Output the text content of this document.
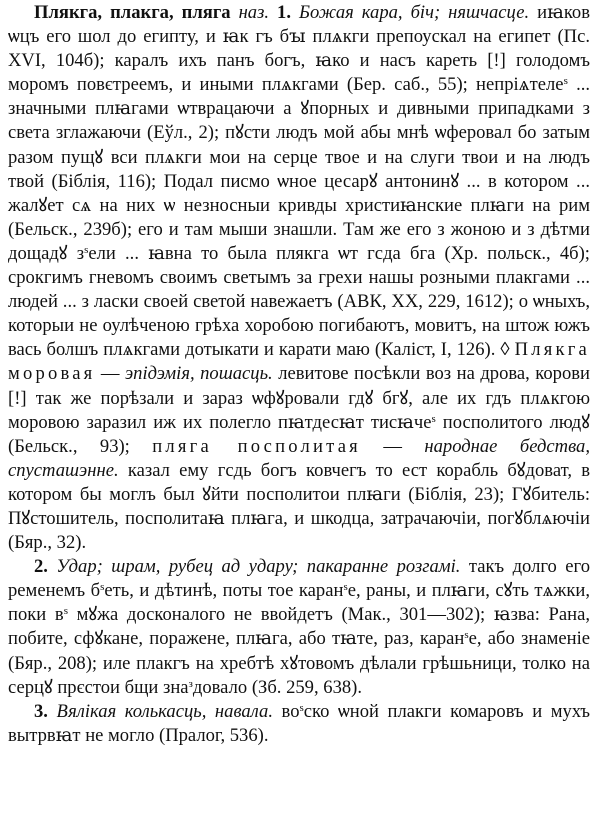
Плякга, плакга, пляга наз. 1. Божая кара, біч; няшчасце. иꙗков ѡцъ его шол до египту, и ꙗк гъ бꙑ плѧкги препоускал на египет (Пс. XVI, 104б); каралъ ихъ панъ богъ, ꙗко и насъ кареть [!] голодомъ моромъ повєтреемъ, и иными плѧкгами (Бер. саб., 55); непріѧтеле$^s$ ... значными плꙗгами ѡтврацаючи а ꙋпорных и дивными припадками з света зглажаючи (Еўл., 2); пꙋсти людъ мой абы мнѣ ѡферовал бо затым разом пущꙋ вси плѧкги мои на серце твое и на слуги твои и на людъ твой (Біблія, 116); Подал писмо ѡное цесарꙋ антонинꙋ ... в котором ... жалꙋет сѧ на них ѡ незносныи кривды христиꙗнские плꙗги на рим (Бельск., 239б); его и там мыши знашли. Там же его з жоною и з дѣтми дощадꙋ $з^sели$ ... ꙗвна то была плякга ѡт гсда бга (Хр. польск., 4б); срокгимъ гневомъ своимъ светымъ за грехи нашы розными плакгами ... людей ... з ласки своей светой навежаетъ (АВК, XX, 229, 1612); о ѡныхъ, которыи не оулѣченою грѣха хоробою погибаютъ, мовитъ, на штож южъ вась болшъ плѧкгами дотыкати и карати маю (Каліст, І, 126). ◊ Плякга моровая — эпідэмія, пошасць. левитове посѣкли воз на дрова, корови [!] так же порѣзали и зараз ѡфꙋровали гдꙋ бгꙋ, але их гдъ плѧкгою моровою заразил иж их полегло пꙗтдесꙗт тисꙗче$^s$ посполитого людꙋ (Бельск., 93); пляга посполитая — народнае бедства, спусташэнне. казал ему гсдь богъ ковчегъ то ест корабль бꙋдоват, в котором бы моглъ был ꙋйти посполитои плꙗги (Біблія, 23); Гꙋбитель: Пꙋстошитель, посполитаꙗ плꙗга, и шкодца, затрачаючіи, погꙋблѧючіи (Бяр., 32).

2. Удар; шрам, рубец ад удару; пакаранне розгамі. такъ долго его ременемъ $б^sеть$, и дѣтинѣ, поты тое каран$^s$е, раны, и плꙗги, сꙋть тѧжки, поки $в^s$ мꙋжа досконалого не ввойдетъ (Мак., 301—302); ꙗзва: Рана, побите, сфꙋкане, поражене, плꙗга, або тꙗте, раз, каран$^s$е, або знаменіе (Бяр., 208); иле плакгъ на хребтѣ хꙋтовомъ дѣлали грѣшьници, толко на серцꙋ прєстои бщи зна$^з$довало (Зб. 259, 638).

3. Вялікая колькасць, навала. $во^sско$ ѡной плакги комаровъ и мухъ вытрвꙗт не могло (Пралог, 536).
